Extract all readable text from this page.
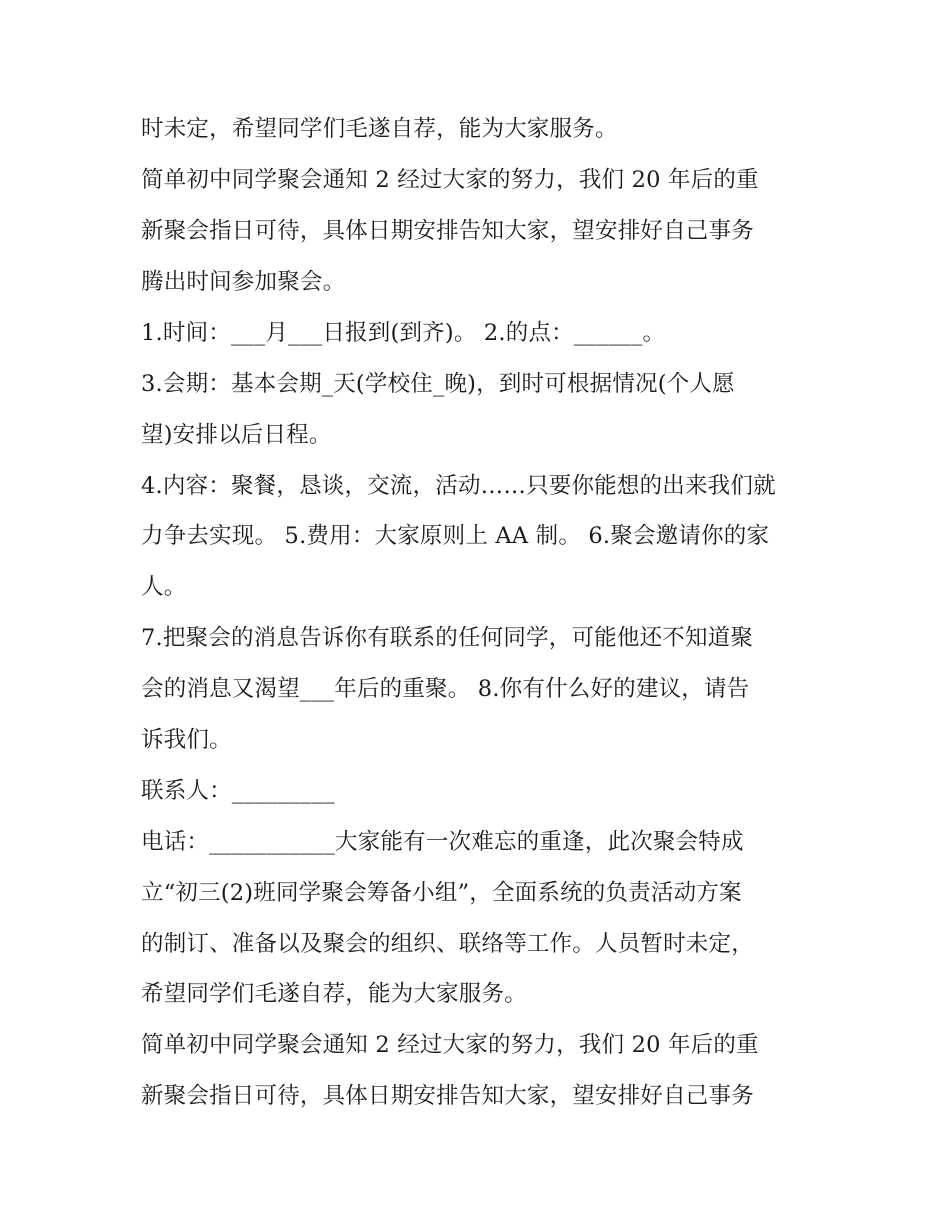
时未定，希望同学们毛遂自荐，能为大家服务。
简单初中同学聚会通知 2 经过大家的努力，我们 20 年后的重
新聚会指日可待，具体日期安排告知大家，望安排好自己事务
腾出时间参加聚会。
1.时间：___月___日报到(到齐)。 2.的点：______。
3.会期：基本会期_天(学校住_晚)，到时可根据情况(个人愿
望)安排以后日程。
4.内容：聚餐，恳谈，交流，活动……只要你能想的出来我们就
力争去实现。 5.费用：大家原则上 AA 制。 6.聚会邀请你的家
人。
7.把聚会的消息告诉你有联系的任何同学，可能他还不知道聚
会的消息又渴望___年后的重聚。 8.你有什么好的建议，请告
诉我们。
联系人：_________
电话：___________大家能有一次难忘的重逢，此次聚会特成
立“初三(2)班同学聚会筹备小组”，全面系统的负责活动方案
的制订、准备以及聚会的组织、联络等工作。人员暂时未定，
希望同学们毛遂自荐，能为大家服务。
简单初中同学聚会通知 2 经过大家的努力，我们 20 年后的重
新聚会指日可待，具体日期安排告知大家，望安排好自己事务
